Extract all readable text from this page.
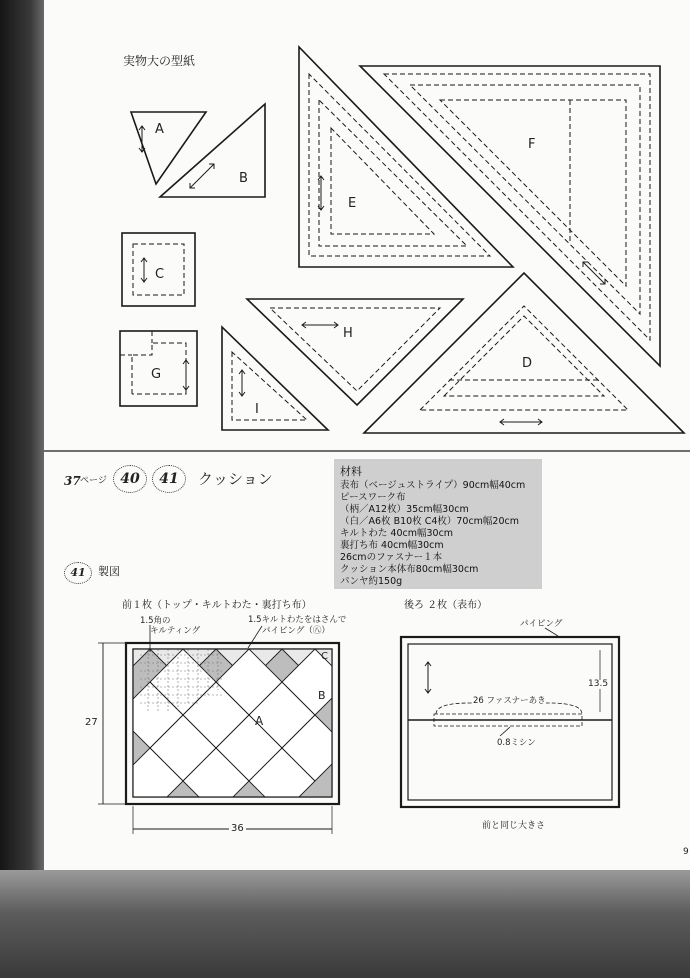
実物大の型紙
A
B
C
D
E
F
G
H
I
37 ページ 40	41	クッション	材料
表布（ベージュストライプ）90cm幅40cm
ピースワーク布
（柄／A12枚）35cm幅30cm
（白／A6枚 B10枚 C4枚）70cm幅20cm
キルトわた 40cm幅30cm
裏打ち布 40cm幅30cm
26cmのファスナー１本
クッション本体布80cm幅30cm
パンヤ約150g
41	製図
前１枚（トップ・キルトわた・裏打ち布）
1.5角の
キルティング
1.5キルトわたをはさんで
パイピング（㊇）
C
B
A
27
36
後ろ ２枚（表布）
パイピング
13.5
26 ファスナーあき
0.8ミシン
前と同じ大きさ
9
